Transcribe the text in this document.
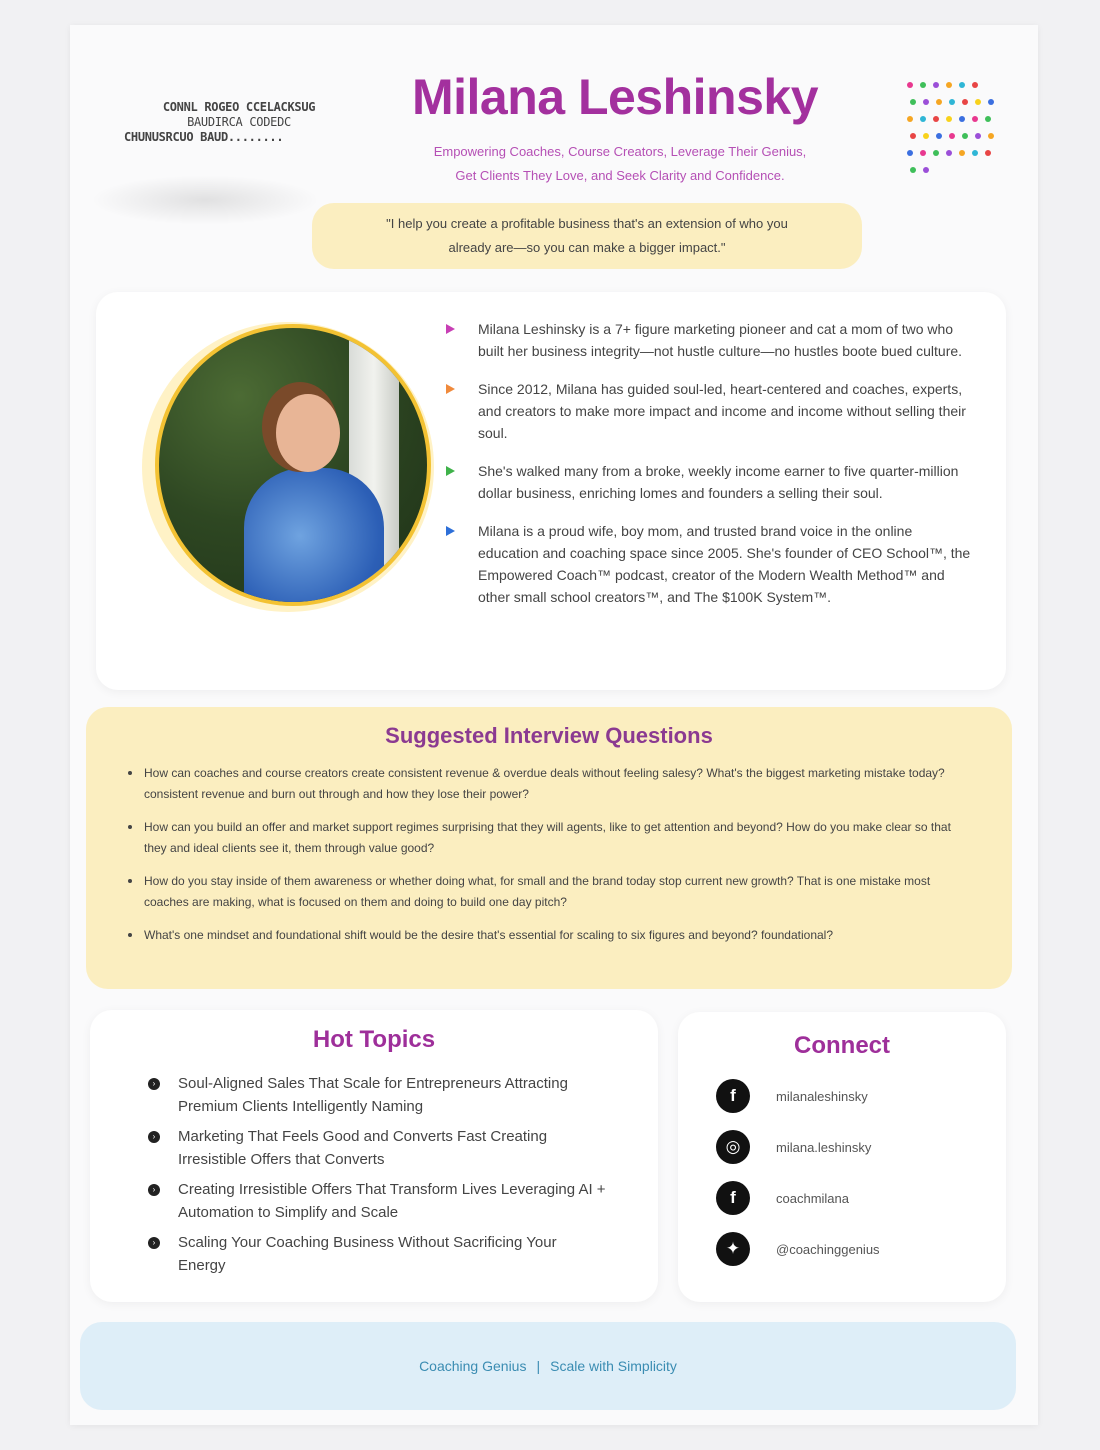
CONNL ROGEO CCELACKSUG
BAUDIRCA CODEDC
CHUNUSRCUO BAUD........
Milana Leshinsky
Empowering Coaches, Course Creators, Leverage Their Genius,
Get Clients They Love, and Seek Clarity and Confidence.
"I help you create a profitable business that's an extension of who you
already are—so you can make a bigger impact."
Milana Leshinsky is a 7+ figure marketing pioneer and cat a mom of two who built her business integrity—not hustle culture—no hustles boote bued culture.
Since 2012, Milana has guided soul-led, heart-centered and coaches, experts, and creators to make more impact and income and income without selling their soul.
She's walked many from a broke, weekly income earner to five quarter-million dollar business, enriching lomes and founders a selling their soul.
Milana is a proud wife, boy mom, and trusted brand voice in the online education and coaching space since 2005. She's founder of CEO School™, the Empowered Coach™ podcast, creator of the Modern Wealth Method™ and other small school creators™, and The $100K System™.
Suggested Interview Questions
How can coaches and course creators create consistent revenue & overdue deals without feeling salesy? What's the biggest marketing mistake today? consistent revenue and burn out through and how they lose their power?
How can you build an offer and market support regimes surprising that they will agents, like to get attention and beyond? How do you make clear so that they and ideal clients see it, them through value good?
How do you stay inside of them awareness or whether doing what, for small and the brand today stop current new growth? That is one mistake most coaches are making, what is focused on them and doing to build one day pitch?
What's one mindset and foundational shift would be the desire that's essential for scaling to six figures and beyond? foundational?
Hot Topics
›	Soul-Aligned Sales That Scale for Entrepreneurs Attracting Premium Clients Intelligently Naming
›	Marketing That Feels Good and Converts Fast Creating Irresistible Offers that Converts
›	Creating Irresistible Offers That Transform Lives Leveraging AI + Automation to Simplify and Scale
›	Scaling Your Coaching Business Without Sacrificing Your Energy
Connect
f	milanaleshinsky
◎	milana.leshinsky
f	coachmilana
✦	@coachinggenius
Coaching Genius | Scale with Simplicity
